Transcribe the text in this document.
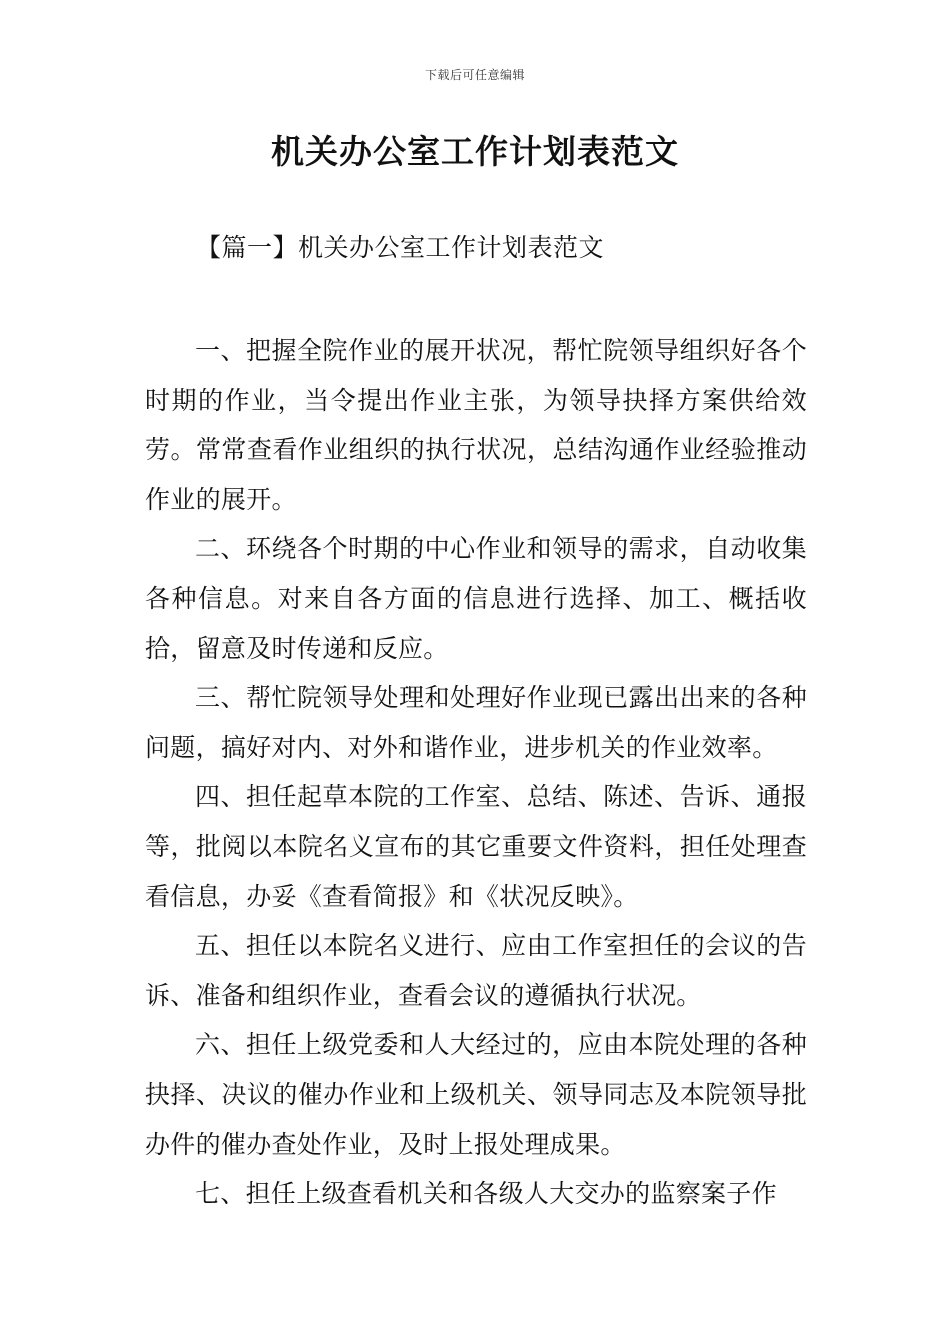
下载后可任意编辑
机关办公室工作计划表范文
【篇一】机关办公室工作计划表范文

一、把握全院作业的展开状况，帮忙院领导组织好各个时期的作业，当令提出作业主张，为领导抉择方案供给效劳。常常查看作业组织的执行状况，总结沟通作业经验推动作业的展开。

二、环绕各个时期的中心作业和领导的需求，自动收集各种信息。对来自各方面的信息进行选择、加工、概括收拾，留意及时传递和反应。

三、帮忙院领导处理和处理好作业现已露出出来的各种问题，搞好对内、对外和谐作业，进步机关的作业效率。

四、担任起草本院的工作室、总结、陈述、告诉、通报等，批阅以本院名义宣布的其它重要文件资料，担任处理查看信息，办妥《查看简报》和《状况反映》。

五、担任以本院名义进行、应由工作室担任的会议的告诉、准备和组织作业，查看会议的遵循执行状况。

六、担任上级党委和人大经过的，应由本院处理的各种抉择、决议的催办作业和上级机关、领导同志及本院领导批办件的催办查处作业，及时上报处理成果。

七、担任上级查看机关和各级人大交办的监察案子作
